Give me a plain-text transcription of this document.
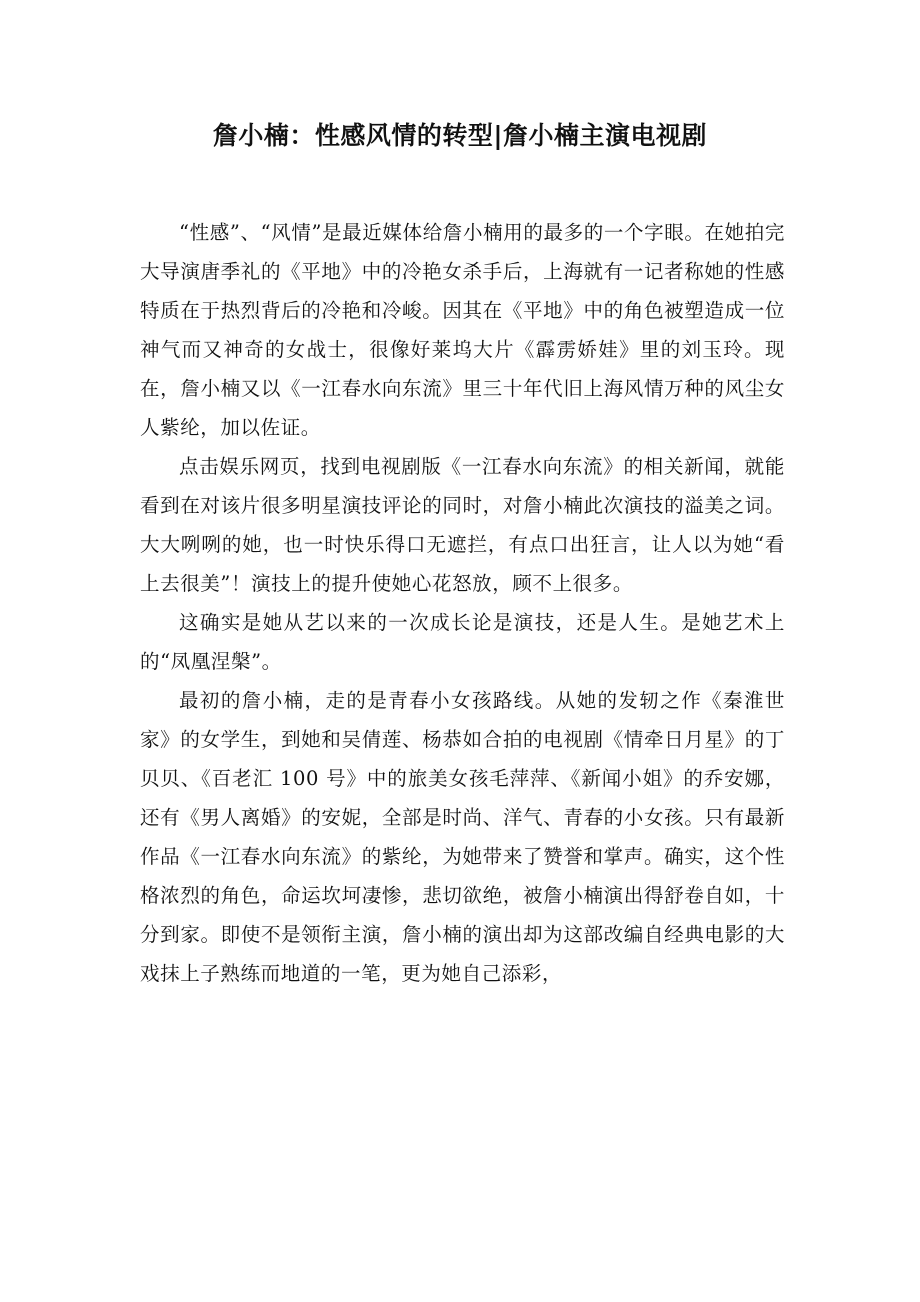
詹小楠：性感风情的转型|詹小楠主演电视剧

“性感”、“风情”是最近媒体给詹小楠用的最多的一个字眼。在她拍完大导演唐季礼的《平地》中的冷艳女杀手后，上海就有一记者称她的性感特质在于热烈背后的冷艳和冷峻。因其在《平地》中的角色被塑造成一位神气而又神奇的女战士，很像好莱坞大片《霹雳娇娃》里的刘玉玲。现在，詹小楠又以《一江春水向东流》里三十年代旧上海风情万种的风尘女人紫纶，加以佐证。

点击娱乐网页，找到电视剧版《一江春水向东流》的相关新闻，就能看到在对该片很多明星演技评论的同时，对詹小楠此次演技的溢美之词。大大咧咧的她，也一时快乐得口无遮拦，有点口出狂言，让人以为她“看上去很美”！演技上的提升使她心花怒放，顾不上很多。

这确实是她从艺以来的一次成长论是演技，还是人生。是她艺术上的“凤凰涅槃”。

最初的詹小楠，走的是青春小女孩路线。从她的发轫之作《秦淮世家》的女学生，到她和吴倩莲、杨恭如合拍的电视剧《情牵日月星》的丁贝贝、《百老汇 100 号》中的旅美女孩毛萍萍、《新闻小姐》的乔安娜，还有《男人离婚》的安妮，全部是时尚、洋气、青春的小女孩。只有最新作品《一江春水向东流》的紫纶，为她带来了赞誉和掌声。确实，这个性格浓烈的角色，命运坎坷凄惨，悲切欲绝，被詹小楠演出得舒卷自如，十分到家。即使不是领衔主演，詹小楠的演出却为这部改编自经典电影的大戏抹上子熟练而地道的一笔，更为她自己添彩，
